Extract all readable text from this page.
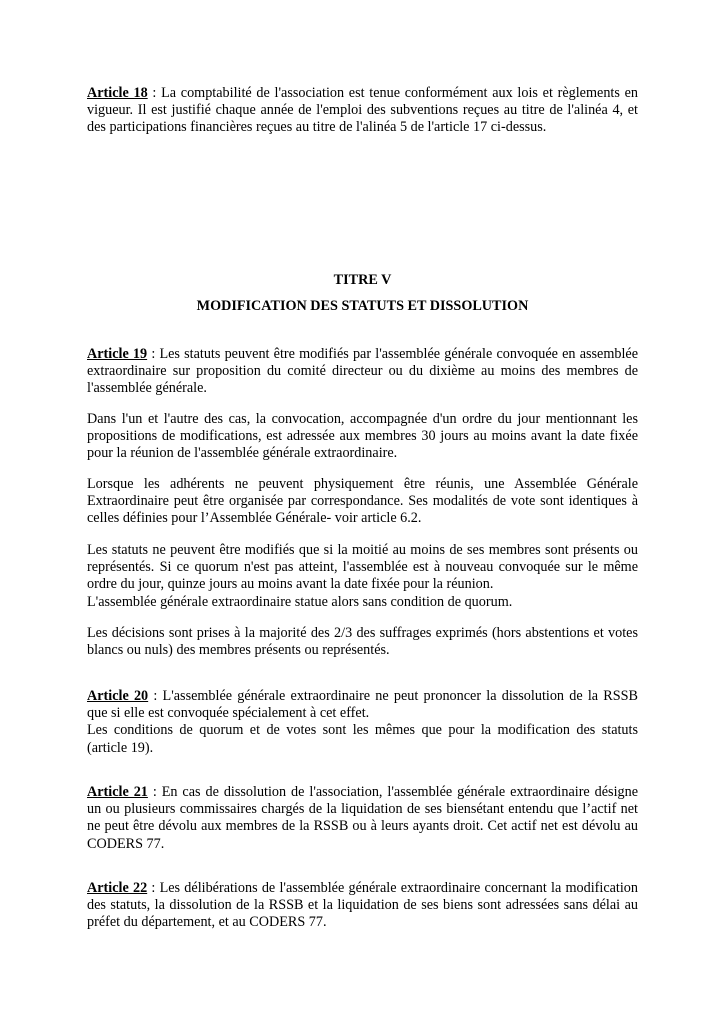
Article 18 : La comptabilité de l'association est tenue conformément aux lois et règlements en vigueur. Il est justifié chaque année de l'emploi des subventions reçues au titre de l'alinéa 4, et des participations financières reçues au titre de l'alinéa 5 de l'article 17 ci-dessus.

TITRE V

MODIFICATION DES STATUTS ET DISSOLUTION

Article 19 : Les statuts peuvent être modifiés par l'assemblée générale convoquée en assemblée extraordinaire sur proposition du comité directeur ou du dixième au moins des membres de l'assemblée générale.

Dans l'un et l'autre des cas, la convocation, accompagnée d'un ordre du jour mentionnant les propositions de modifications, est adressée aux membres 30 jours au moins avant la date fixée pour la réunion de l'assemblée générale extraordinaire.

Lorsque les adhérents ne peuvent physiquement être réunis, une Assemblée Générale Extraordinaire peut être organisée par correspondance. Ses modalités de vote sont identiques à celles définies pour l’Assemblée Générale- voir article 6.2.

Les statuts ne peuvent être modifiés que si la moitié au moins de ses membres sont présents ou représentés. Si ce quorum n'est pas atteint, l'assemblée est à nouveau convoquée sur le même ordre du jour, quinze jours au moins avant la date fixée pour la réunion.
L'assemblée générale extraordinaire statue alors sans condition de quorum.

Les décisions sont prises à la majorité des 2/3 des suffrages exprimés (hors abstentions et votes blancs ou nuls) des membres présents ou représentés.

Article 20 : L'assemblée générale extraordinaire ne peut prononcer la dissolution de la RSSB que si elle est convoquée spécialement à cet effet.
Les conditions de quorum et de votes sont les mêmes que pour la modification des statuts (article 19).

Article 21 : En cas de dissolution de l'association, l'assemblée générale extraordinaire désigne un ou plusieurs commissaires chargés de la liquidation de ses biensétant entendu que l’actif net ne peut être dévolu aux membres de la RSSB ou à leurs ayants droit. Cet actif net est dévolu au CODERS 77.

Article 22 : Les délibérations de l'assemblée générale extraordinaire concernant la modification des statuts, la dissolution de la RSSB et la liquidation de ses biens sont adressées sans délai au préfet du département, et au CODERS 77.
